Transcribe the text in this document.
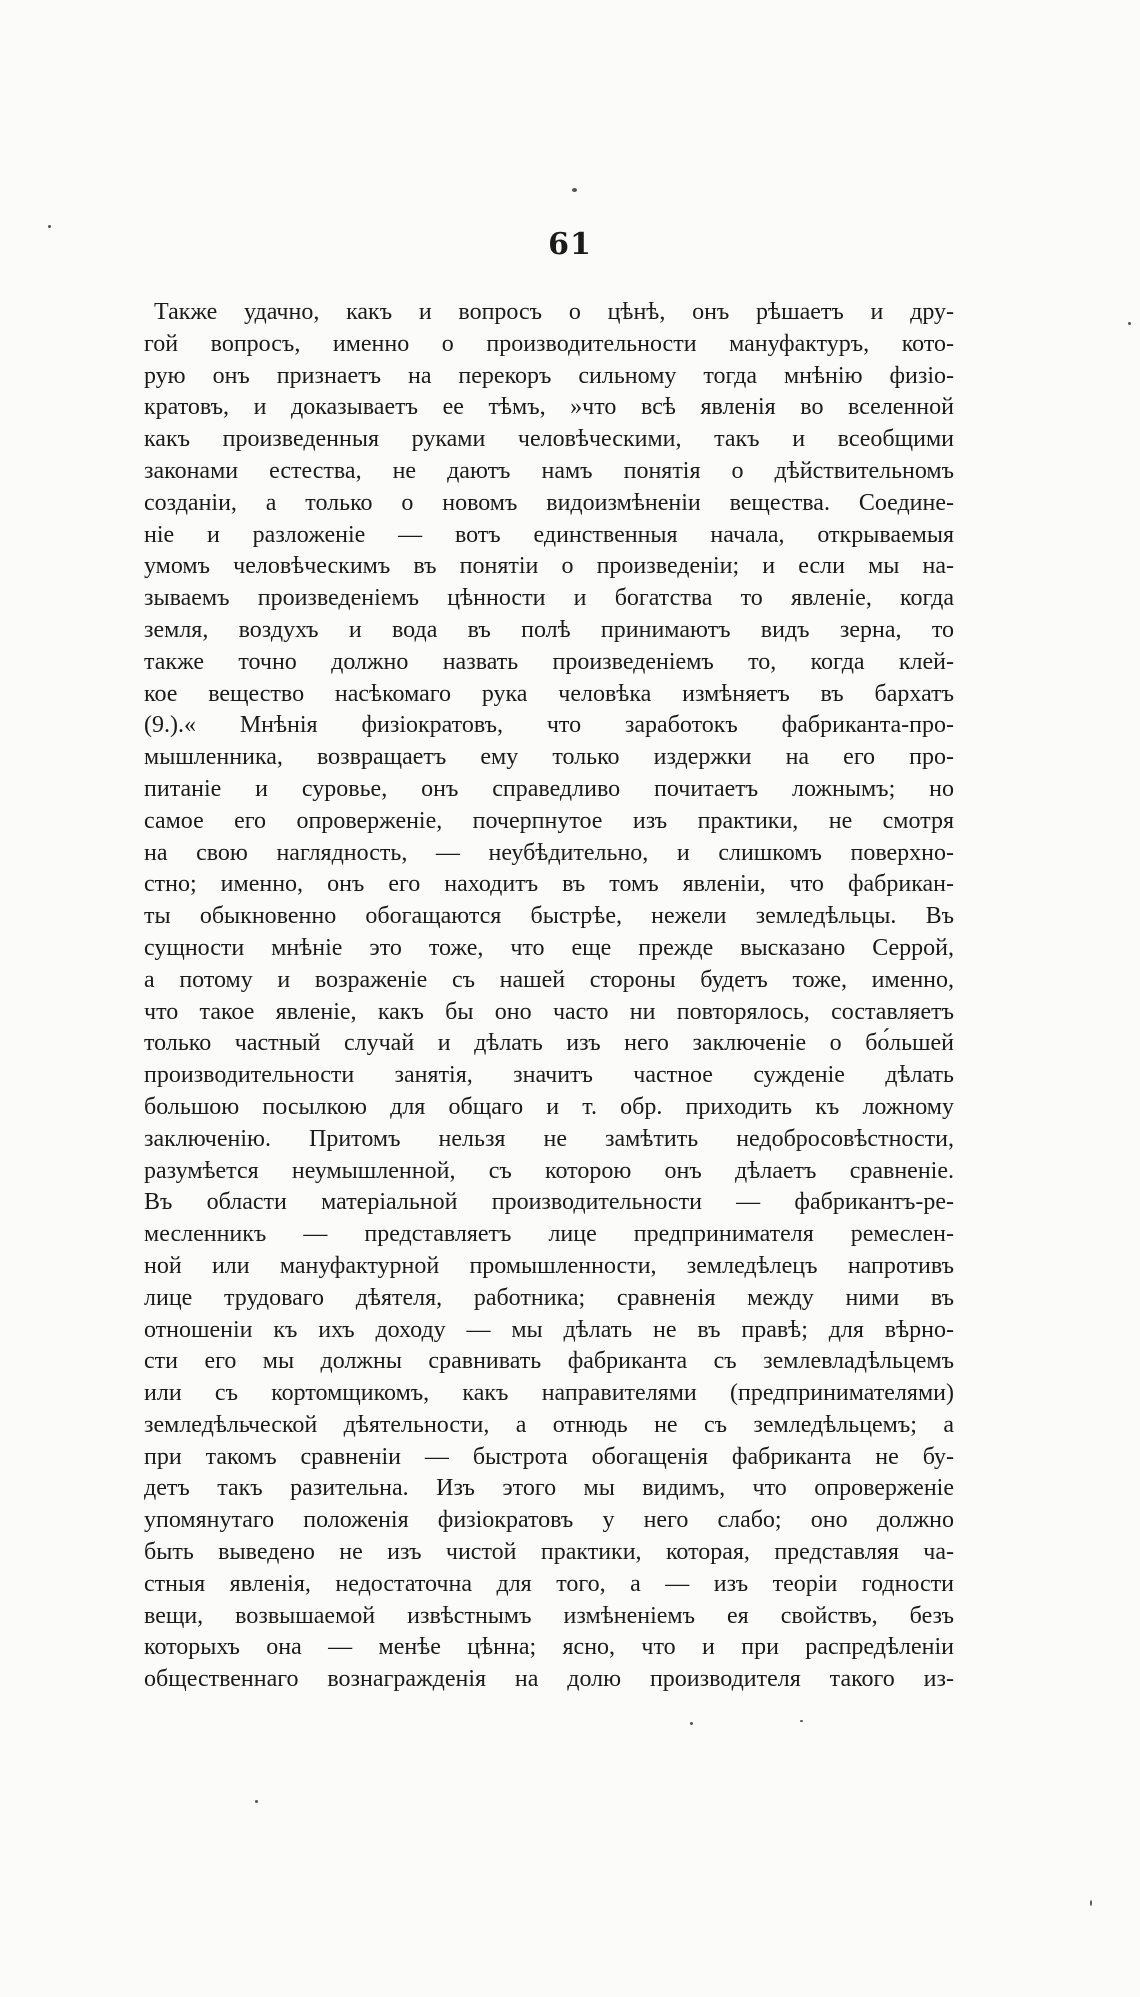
61
Также удачно, какъ и вопросъ о цѣнѣ, онъ рѣшаетъ и дру-
гой вопросъ, именно о производительности мануфактуръ, кото-
рую онъ признаетъ на перекоръ сильному тогда мнѣнію физіо-
кратовъ, и доказываетъ ее тѣмъ, »что всѣ явленія во вселенной
какъ произведенныя руками человѣческими, такъ и всеобщими
законами естества, не даютъ намъ понятія о дѣйствительномъ
созданіи, а только о новомъ видоизмѣненіи вещества. Соедине-
ніе и разложеніе — вотъ единственныя начала, открываемыя
умомъ человѣческимъ въ понятіи о произведеніи; и если мы на-
зываемъ произведеніемъ цѣнности и богатства то явленіе, когда
земля, воздухъ и вода въ полѣ принимаютъ видъ зерна, то
также точно должно назвать произведеніемъ то, когда клей-
кое вещество насѣкомаго рука человѣка измѣняетъ въ бархатъ
(9.).« Мнѣнія физіократовъ, что заработокъ фабриканта-про-
мышленника, возвращаетъ ему только издержки на его про-
питаніе и суровье, онъ справедливо почитаетъ ложнымъ; но
самое его опроверженіе, почерпнутое изъ практики, не смотря
на свою наглядность, — неубѣдительно, и слишкомъ поверхно-
стно; именно, онъ его находитъ въ томъ явленіи, что фабрикан-
ты обыкновенно обогащаются быстрѣе, нежели земледѣльцы. Въ
сущности мнѣніе это тоже, что еще прежде высказано Серрой,
а потому и возраженіе съ нашей стороны будетъ тоже, именно,
что такое явленіе, какъ бы оно часто ни повторялось, составляетъ
только частный случай и дѣлать изъ него заключеніе о бо́льшей
производительности занятія, значитъ частное сужденіе дѣлать
большою посылкою для общаго и т. обр. приходить къ ложному
заключенію. Притомъ нельзя не замѣтить недобросовѣстности,
разумѣется неумышленной, съ которою онъ дѣлаетъ сравненіе.
Въ области матеріальной производительности — фабрикантъ-ре-
месленникъ — представляетъ лице предпринимателя ремеслен-
ной или мануфактурной промышленности, земледѣлецъ напротивъ
лице трудоваго дѣятеля, работника; сравненія между ними въ
отношеніи къ ихъ доходу — мы дѣлать не въ правѣ; для вѣрно-
сти его мы должны сравнивать фабриканта съ землевладѣльцемъ
или съ кортомщикомъ, какъ направителями (предпринимателями)
земледѣльческой дѣятельности, а отнюдь не съ земледѣльцемъ; а
при такомъ сравненіи — быстрота обогащенія фабриканта не бу-
детъ такъ разительна. Изъ этого мы видимъ, что опроверженіе
упомянутаго положенія физіократовъ у него слабо; оно должно
быть выведено не изъ чистой практики, которая, представляя ча-
стныя явленія, недостаточна для того, а — изъ теоріи годности
вещи, возвышаемой извѣстнымъ измѣненіемъ ея свойствъ, безъ
которыхъ она — менѣе цѣнна; ясно, что и при распредѣленіи
общественнаго вознагражденія на долю производителя такого из-
